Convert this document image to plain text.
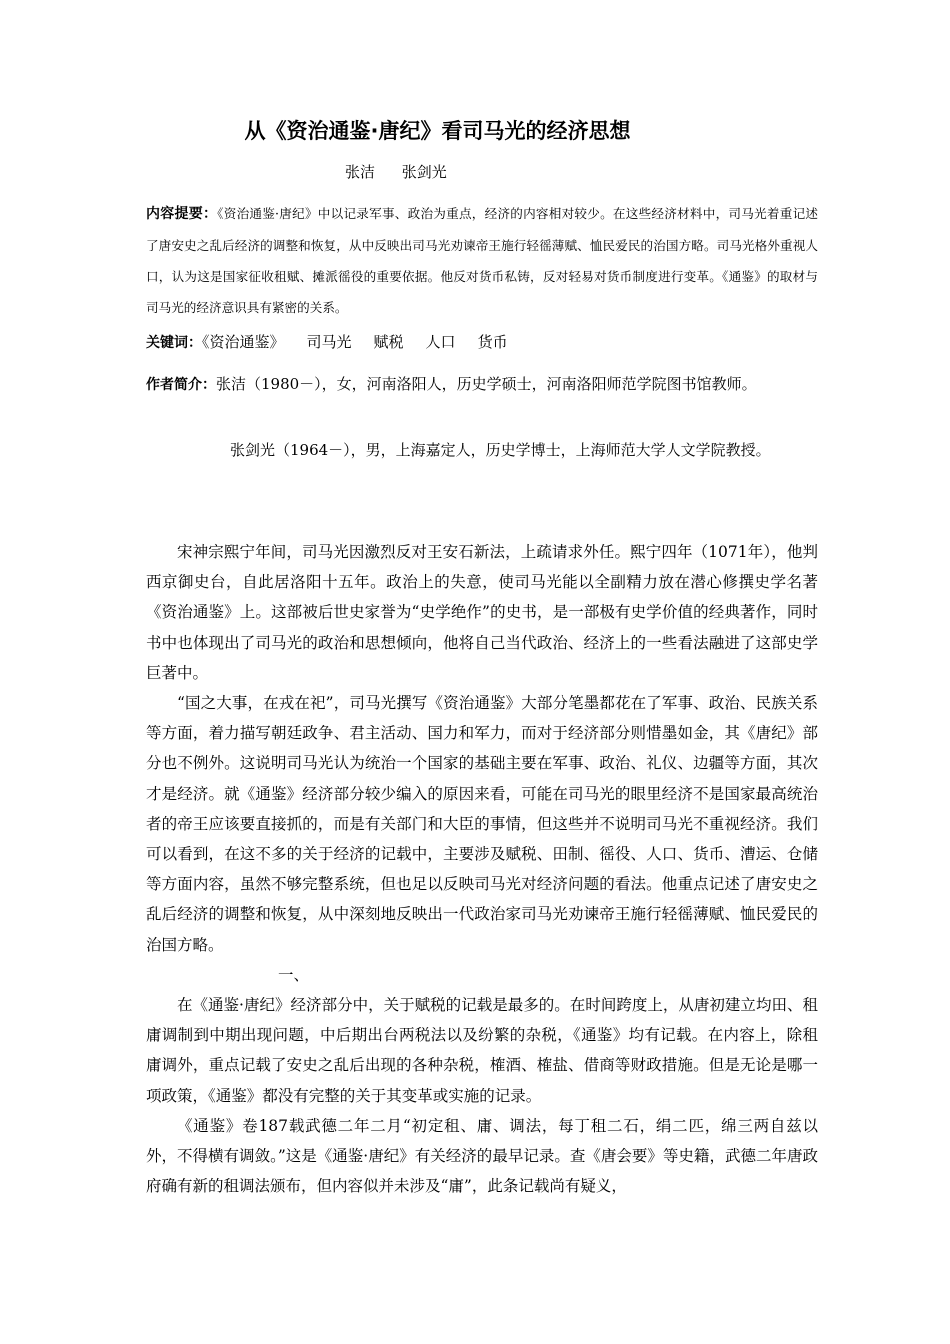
从《资治通鉴·唐纪》看司马光的经济思想
张洁 张剑光
内容提要：《资治通鉴·唐纪》中以记录军事、政治为重点，经济的内容相对较少。在这些经济材料中，司马光着重记述了唐安史之乱后经济的调整和恢复，从中反映出司马光劝谏帝王施行轻徭薄赋、恤民爱民的治国方略。司马光格外重视人口，认为这是国家征收租赋、摊派徭役的重要依据。他反对货币私铸，反对轻易对货币制度进行变革。《通鉴》的取材与司马光的经济意识具有紧密的关系。
关键词：《资治通鉴》 司马光 赋税 人口 货币
作者简介：张洁（1980－），女，河南洛阳人，历史学硕士，河南洛阳师范学院图书馆教师。
张剑光（1964－），男，上海嘉定人，历史学博士，上海师范大学人文学院教授。

宋神宗熙宁年间，司马光因激烈反对王安石新法，上疏请求外任。熙宁四年（1071年），他判西京御史台，自此居洛阳十五年。政治上的失意，使司马光能以全副精力放在潜心修撰史学名著《资治通鉴》上。这部被后世史家誉为“史学绝作”的史书，是一部极有史学价值的经典著作，同时书中也体现出了司马光的政治和思想倾向，他将自己当代政治、经济上的一些看法融进了这部史学巨著中。

“国之大事，在戎在祀”，司马光撰写《资治通鉴》大部分笔墨都花在了军事、政治、民族关系等方面，着力描写朝廷政争、君主活动、国力和军力，而对于经济部分则惜墨如金，其《唐纪》部分也不例外。这说明司马光认为统治一个国家的基础主要在军事、政治、礼仪、边疆等方面，其次才是经济。就《通鉴》经济部分较少编入的原因来看，可能在司马光的眼里经济不是国家最高统治者的帝王应该要直接抓的，而是有关部门和大臣的事情，但这些并不说明司马光不重视经济。我们可以看到，在这不多的关于经济的记载中，主要涉及赋税、田制、徭役、人口、货币、漕运、仓储等方面内容，虽然不够完整系统，但也足以反映司马光对经济问题的看法。他重点记述了唐安史之乱后经济的调整和恢复，从中深刻地反映出一代政治家司马光劝谏帝王施行轻徭薄赋、恤民爱民的治国方略。

一、

在《通鉴·唐纪》经济部分中，关于赋税的记载是最多的。在时间跨度上，从唐初建立均田、租庸调制到中期出现问题，中后期出台两税法以及纷繁的杂税，《通鉴》均有记载。在内容上，除租庸调外，重点记载了安史之乱后出现的各种杂税，榷酒、榷盐、借商等财政措施。但是无论是哪一项政策，《通鉴》都没有完整的关于其变革或实施的记录。

《通鉴》卷187载武德二年二月“初定租、庸、调法，每丁租二石，绢二匹，绵三两自兹以外，不得横有调敛。”这是《通鉴·唐纪》有关经济的最早记录。查《唐会要》等史籍，武德二年唐政府确有新的租调法颁布，但内容似并未涉及“庸”，此条记载尚有疑义，
